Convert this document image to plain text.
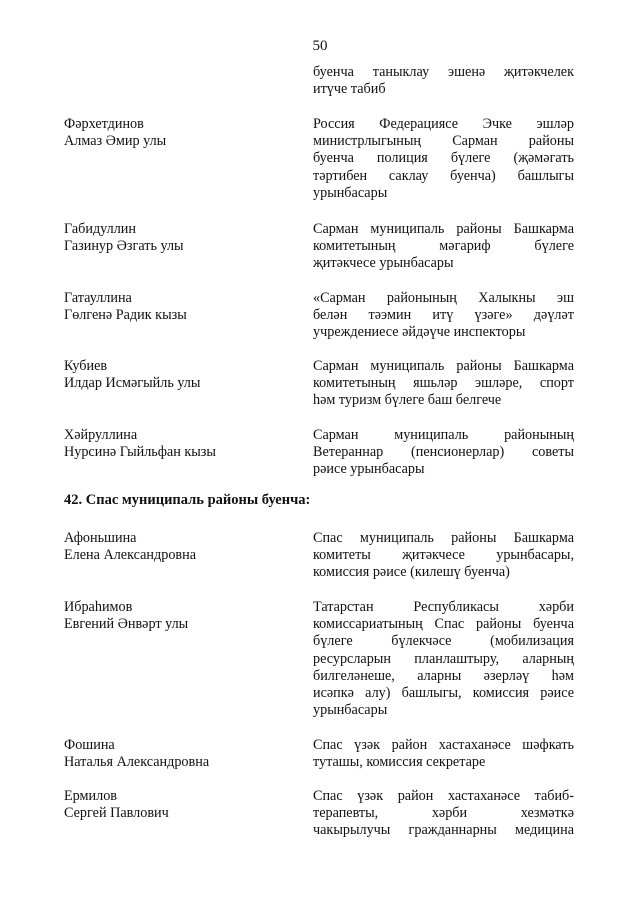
50
буенча таныклау эшенә җитәкчелек
итүче табиб
Фәрхетдинов
Алмаз Әмир улы
Россия Федерациясе Эчке эшләр
министрлыгының Сарман районы
буенча полиция бүлеге (җәмәгать
тәртибен саклау буенча) башлыгы
урынбасары
Габидуллин
Газинур Әзгать улы
Сарман муниципаль районы Башкарма
комитетының мәгариф бүлеге
җитәкчесе урынбасары
Гатауллина
Гөлгенә Радик кызы
«Сарман районының Халыкны эш
белән тәэмин итү үзәге» дәүләт
учреждениесе әйдәүче инспекторы
Кубиев
Илдар Исмәгыйль улы
Сарман муниципаль районы Башкарма
комитетының яшьләр эшләре, спорт
һәм туризм бүлеге баш белгече
Хәйруллина
Нурсинә Гыйльфан кызы
Сарман муниципаль районының
Ветераннар (пенсионерлар) советы
рәисе урынбасары
42. Спас муниципаль районы буенча:
Афоньшина
Елена Александровна
Спас муниципаль районы Башкарма
комитеты җитәкчесе урынбасары,
комиссия рәисе (килешү буенча)
Ибраһимов
Евгений Әнвәрт улы
Татарстан Республикасы хәрби
комиссариатының Спас районы буенча
бүлеге бүлекчәсе (мобилизация
ресурсларын планлаштыру, аларның
билгеләнеше, аларны әзерләү һәм
исәпкә алу) башлыгы, комиссия рәисе
урынбасары
Фошина
Наталья Александровна
Спас үзәк район хастаханәсе шәфкать
туташы, комиссия секретаре
Ермилов
Сергей Павлович
Спас үзәк район хастаханәсе табиб-
терапевты, хәрби хезмәткә
чакырылучы гражданнарны медицина
